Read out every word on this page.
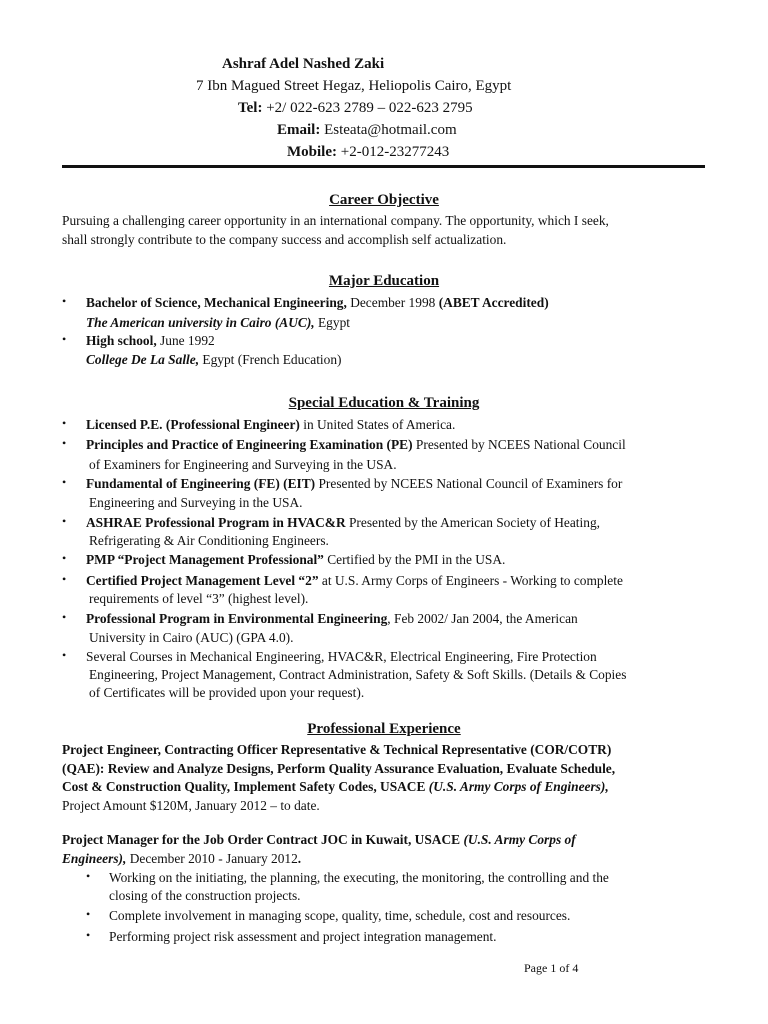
Ashraf Adel Nashed Zaki
7 Ibn Magued Street Hegaz, Heliopolis Cairo, Egypt
Tel: +2/ 022-623 2789 – 022-623 2795
Email: Esteata@hotmail.com
Mobile: +2-012-23277243
Career Objective
Pursuing a challenging career opportunity in an international company. The opportunity, which I seek,
shall strongly contribute to the company success and accomplish self actualization.
Major Education
• Bachelor of Science, Mechanical Engineering, December 1998 (ABET Accredited)
The American university in Cairo (AUC), Egypt
• High school, June 1992
College De La Salle, Egypt (French Education)
Special Education & Training
• Licensed P.E. (Professional Engineer) in United States of America.
• Principles and Practice of Engineering Examination (PE) Presented by NCEES National Council
of Examiners for Engineering and Surveying in the USA.
• Fundamental of Engineering (FE) (EIT) Presented by NCEES National Council of Examiners for
Engineering and Surveying in the USA.
• ASHRAE Professional Program in HVAC&R Presented by the American Society of Heating,
Refrigerating & Air Conditioning Engineers.
• PMP “Project Management Professional” Certified by the PMI in the USA.
• Certified Project Management Level “2” at U.S. Army Corps of Engineers - Working to complete
requirements of level “3” (highest level).
• Professional Program in Environmental Engineering, Feb 2002/ Jan 2004, the American
University in Cairo (AUC) (GPA 4.0).
• Several Courses in Mechanical Engineering, HVAC&R, Electrical Engineering, Fire Protection
Engineering, Project Management, Contract Administration, Safety & Soft Skills. (Details & Copies
of Certificates will be provided upon your request).
Professional Experience
Project Engineer, Contracting Officer Representative & Technical Representative (COR/COTR)
(QAE): Review and Analyze Designs, Perform Quality Assurance Evaluation, Evaluate Schedule,
Cost & Construction Quality, Implement Safety Codes, USACE (U.S. Army Corps of Engineers),
Project Amount $120M, January 2012 – to date.
Project Manager for the Job Order Contract JOC in Kuwait, USACE (U.S. Army Corps of
Engineers), December 2010 - January 2012.
• Working on the initiating, the planning, the executing, the monitoring, the controlling and the
closing of the construction projects.
• Complete involvement in managing scope, quality, time, schedule, cost and resources.
• Performing project risk assessment and project integration management.
Page 1 of 4
